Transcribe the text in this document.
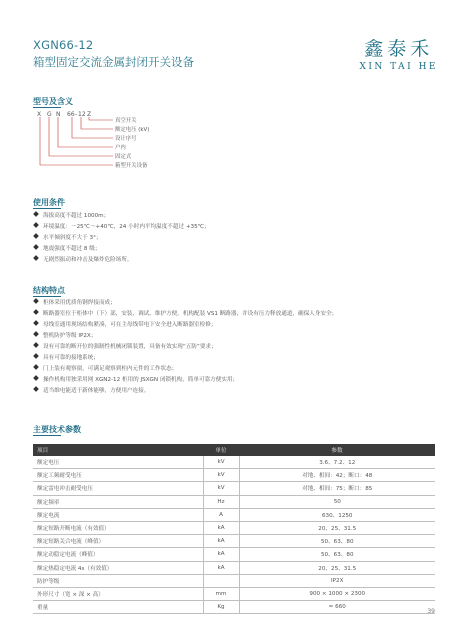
XGN66-12
箱型固定交流金属封闭开关设备
鑫泰禾
XIN TAI HE
型号及含义
X G N 66 - 12 Z
真空开关
额定电压 (kV)
设计序号
户内
固定式
箱型开关设备
使用条件
海拔高度不超过 1000m；
环境温度：－25℃～+40℃，24 小时内平均温度不超过 +35℃；
水平倾斜度不大于 3°；
地震强度不超过 8 级；
无剧烈振动和冲击及爆炸危险场所。
结构特点
柜体采用优质角钢焊接而成；
断路器室位于柜体中（下）部，安装、调试、维护方便。机构配装 VS1 断路器，并设有压力释放通道，确保人身安全；
母线室通用现场结构紧凑，可在主母线带电下安全进入断路器室检修；
整机防护等级 IP2X；
设有可靠的断开位的强制性机械闭锁装置，具备有效实现“五防”要求；
具有可靠的接地系统；
门上装有观察窗，可满足观察到柜内元件的工作状态；
操作机构用独采用网 XGN2-12 柜用的 JSXGN 闭锁机构，简单可靠方便实用；
适当维电能适于新体能够，方便用户连接。
主要技术参数
项目	单位	参数
额定电压	kV	3.6、7.2、12
额定工频耐受电压	kV	对地、相间：42；断口：48
额定雷电冲击耐受电压	kV	对地、相间：75；断口：85
额定频率	Hz	50
额定电流	A	630、1250
额定短路开断电流（有效值）	kA	20、25、31.5
额定短路关合电流（峰值）	kA	50、63、80
额定动稳定电流（峰值）	kA	50、63、80
额定热稳定电流 4s（有效值）	kA	20、25、31.5
防护等级		IP2X
外形尺寸（宽 × 深 × 高）	mm	900 × 1000 × 2300
重量	Kg	≈ 660
39
